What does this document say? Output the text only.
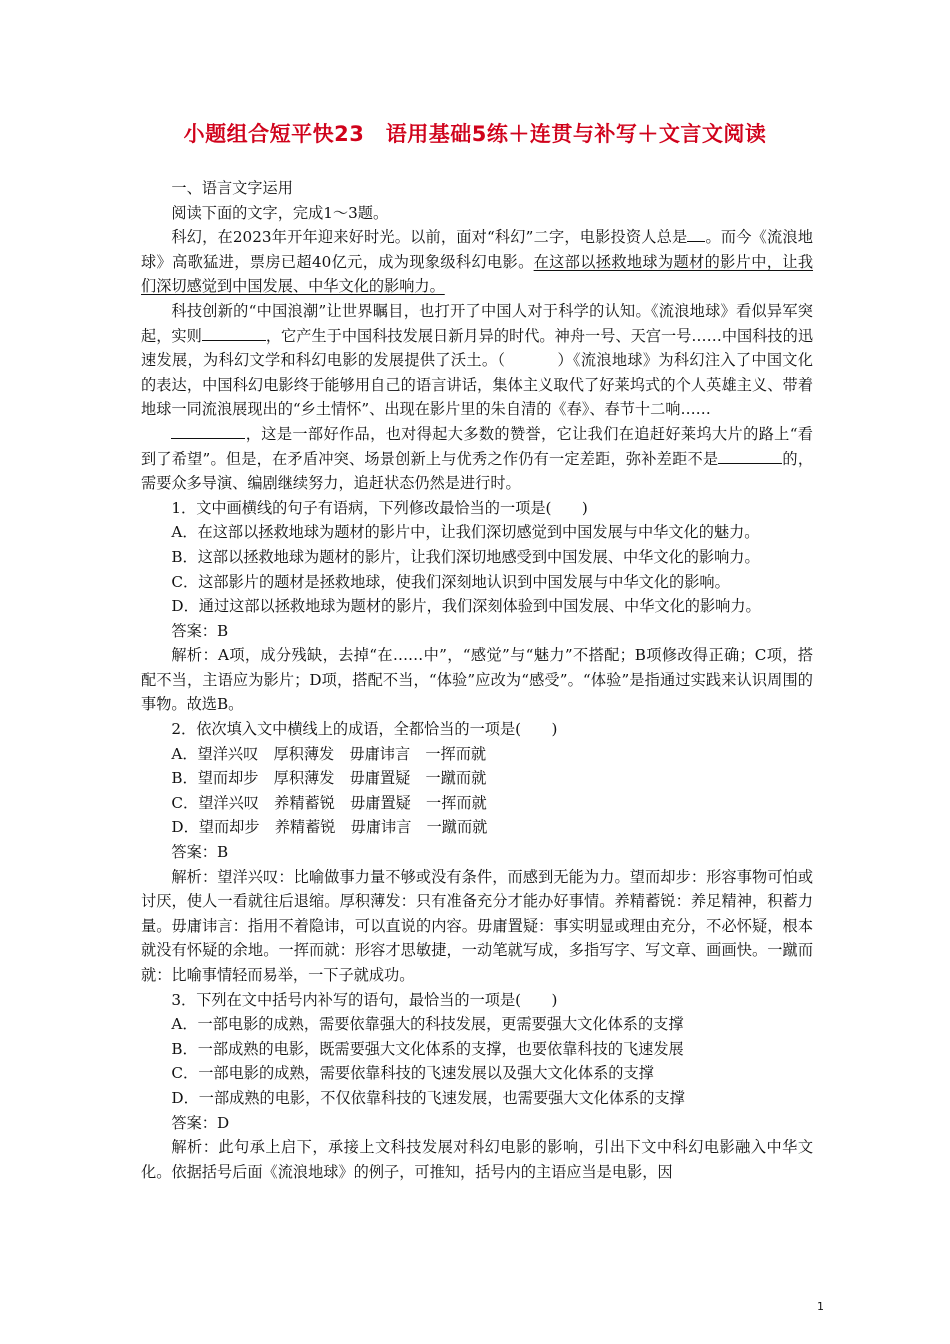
小题组合短平快23　语用基础5练＋连贯与补写＋文言文阅读

一、语言文字运用

阅读下面的文字，完成1～3题。

科幻，在2023年开年迎来好时光。以前，面对“科幻”二字，电影投资人总是 。而今《流浪地球》高歌猛进，票房已超40亿元，成为现象级科幻电影。在这部以拯救地球为题材的影片中，让我们深切感觉到中国发展、中华文化的影响力。

科技创新的“中国浪潮”让世界瞩目，也打开了中国人对于科学的认知。《流浪地球》看似异军突起，实则	，它产生于中国科技发展日新月异的时代。神舟一号、天宫一号……中国科技的迅速发展，为科幻文学和科幻电影的发展提供了沃土。（	）《流浪地球》为科幻注入了中国文化的表达，中国科幻电影终于能够用自己的语言讲话，集体主义取代了好莱坞式的个人英雄主义、带着地球一同流浪展现出的“乡土情怀”、出现在影片里的朱自清的《春》、春节十二响……

，这是一部好作品，也对得起大多数的赞誉，它让我们在追赶好莱坞大片的路上“看到了希望”。但是，在矛盾冲突、场景创新上与优秀之作仍有一定差距，弥补差距不是	的，需要众多导演、编剧继续努力，追赶状态仍然是进行时。

1．文中画横线的句子有语病，下列修改最恰当的一项是(　　)

A．在这部以拯救地球为题材的影片中，让我们深切感觉到中国发展与中华文化的魅力。

B．这部以拯救地球为题材的影片，让我们深切地感受到中国发展、中华文化的影响力。

C．这部影片的题材是拯救地球，使我们深刻地认识到中国发展与中华文化的影响。

D．通过这部以拯救地球为题材的影片，我们深刻体验到中国发展、中华文化的影响力。

答案：B

解析：A项，成分残缺，去掉“在……中”，“感觉”与“魅力”不搭配；B项修改得正确；C项，搭配不当，主语应为影片；D项，搭配不当，“体验”应改为“感受”。“体验”是指通过实践来认识周围的事物。故选B。

2．依次填入文中横线上的成语，全都恰当的一项是(　　)

A．望洋兴叹　厚积薄发　毋庸讳言　一挥而就

B．望而却步　厚积薄发　毋庸置疑　一蹴而就

C．望洋兴叹　养精蓄锐　毋庸置疑　一挥而就

D．望而却步　养精蓄锐　毋庸讳言　一蹴而就

答案：B

解析：望洋兴叹：比喻做事力量不够或没有条件，而感到无能为力。望而却步：形容事物可怕或讨厌，使人一看就往后退缩。厚积薄发：只有准备充分才能办好事情。养精蓄锐：养足精神，积蓄力量。毋庸讳言：指用不着隐讳，可以直说的内容。毋庸置疑：事实明显或理由充分，不必怀疑，根本就没有怀疑的余地。一挥而就：形容才思敏捷，一动笔就写成，多指写字、写文章、画画快。一蹴而就：比喻事情轻而易举，一下子就成功。

3．下列在文中括号内补写的语句，最恰当的一项是(　　)

A．一部电影的成熟，需要依靠强大的科技发展，更需要强大文化体系的支撑

B．一部成熟的电影，既需要强大文化体系的支撑，也要依靠科技的飞速发展

C．一部电影的成熟，需要依靠科技的飞速发展以及强大文化体系的支撑

D．一部成熟的电影，不仅依靠科技的飞速发展，也需要强大文化体系的支撑

答案：D

解析：此句承上启下，承接上文科技发展对科幻电影的影响，引出下文中科幻电影融入中华文化。依据括号后面《流浪地球》的例子，可推知，括号内的主语应当是电影，因

1
